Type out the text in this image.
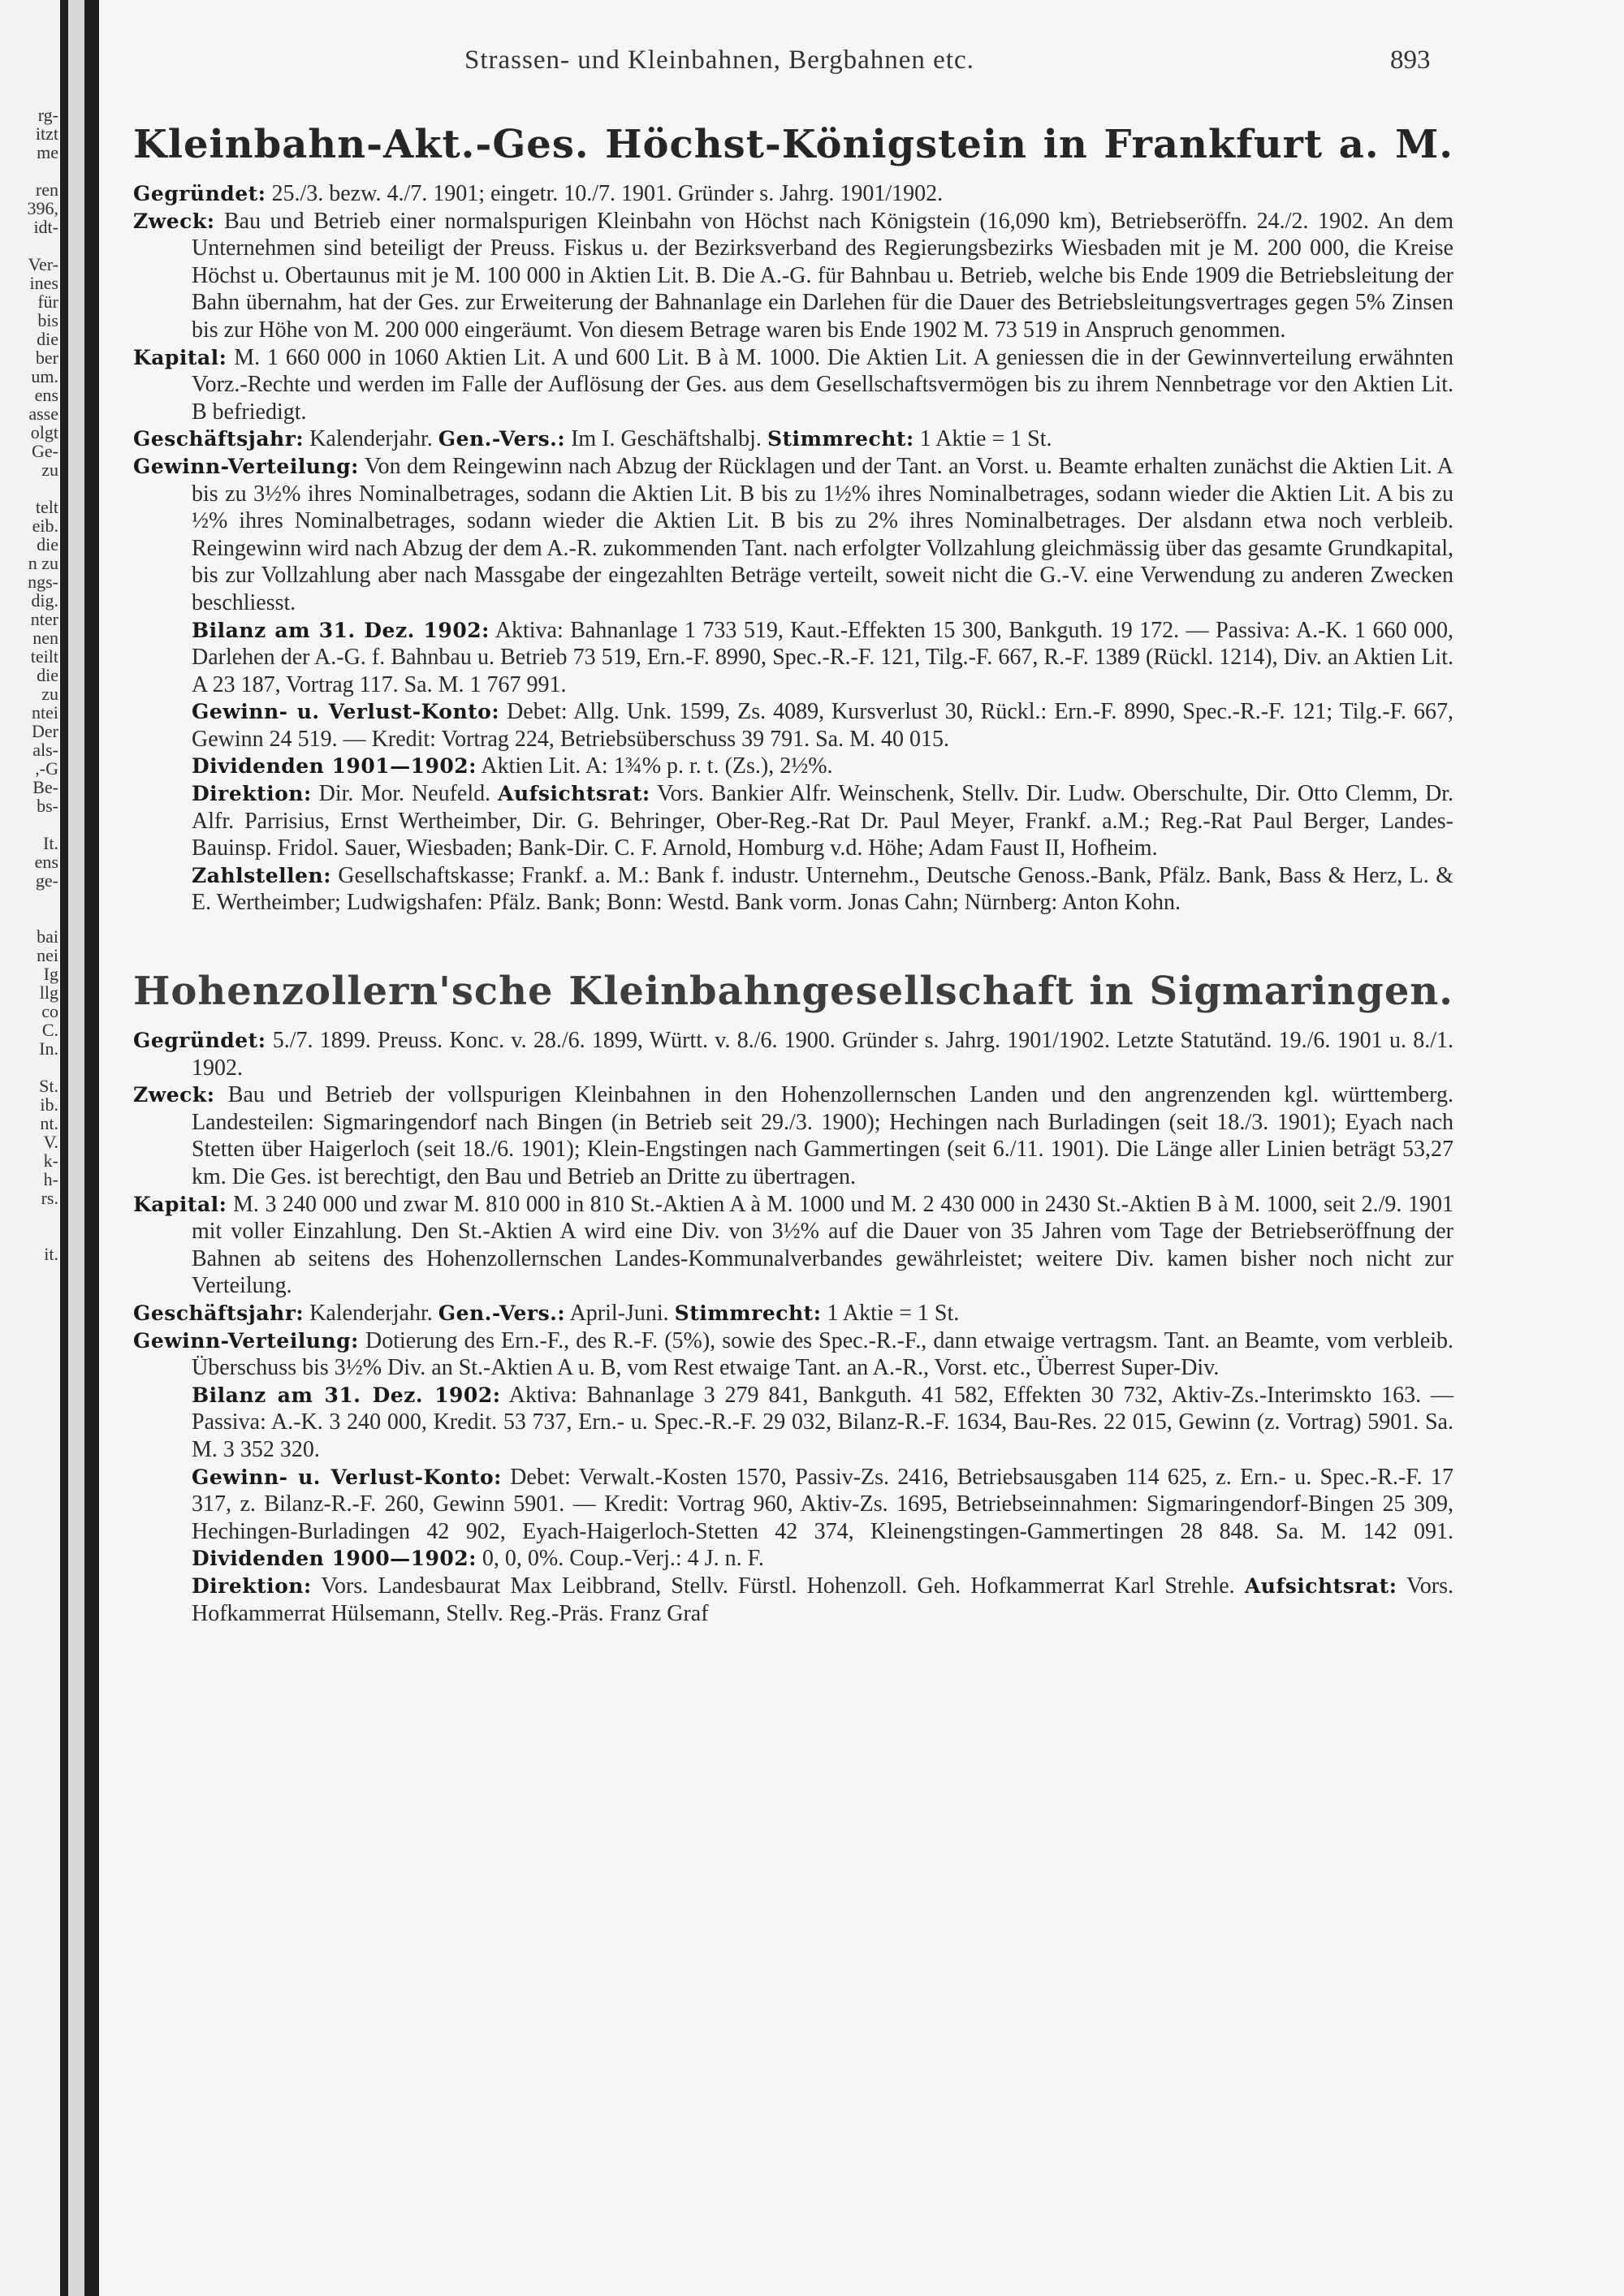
rg-
itzt
me

ren
396,
idt-

Ver-
ines
für
bis
die
ber
um.
ens
asse
olgt
Ge-
zu

telt
eib.
die
n zu
ngs-
dig.
nter
nen
teilt
die
zu
ntei
Der
als-
,-G
Be-
bs-

It.
ens
ge-

bai
nei
Ig
llg
co
C.
In.

St.
ib.
nt.
V.
k-
h-
rs.

it.
Strassen- und Kleinbahnen, Bergbahnen etc.	893
Kleinbahn-Akt.-Ges. Höchst-Königstein in Frankfurt a. M.

Gegründet: 25./3. bezw. 4./7. 1901; eingetr. 10./7. 1901. Gründer s. Jahrg. 1901/1902.

Zweck: Bau und Betrieb einer normalspurigen Kleinbahn von Höchst nach Königstein (16,090 km), Betriebseröffn. 24./2. 1902. An dem Unternehmen sind beteiligt der Preuss. Fiskus u. der Bezirksverband des Regierungsbezirks Wiesbaden mit je M. 200 000, die Kreise Höchst u. Obertaunus mit je M. 100 000 in Aktien Lit. B. Die A.-G. für Bahnbau u. Betrieb, welche bis Ende 1909 die Betriebsleitung der Bahn übernahm, hat der Ges. zur Erweiterung der Bahnanlage ein Darlehen für die Dauer des Betriebsleitungsvertrages gegen 5% Zinsen bis zur Höhe von M. 200 000 eingeräumt. Von diesem Betrage waren bis Ende 1902 M. 73 519 in Anspruch genommen.

Kapital: M. 1 660 000 in 1060 Aktien Lit. A und 600 Lit. B à M. 1000. Die Aktien Lit. A geniessen die in der Gewinnverteilung erwähnten Vorz.-Rechte und werden im Falle der Auflösung der Ges. aus dem Gesellschaftsvermögen bis zu ihrem Nennbetrage vor den Aktien Lit. B befriedigt.

Geschäftsjahr: Kalenderjahr. Gen.-Vers.: Im I. Geschäftshalbj. Stimmrecht: 1 Aktie = 1 St.

Gewinn-Verteilung: Von dem Reingewinn nach Abzug der Rücklagen und der Tant. an Vorst. u. Beamte erhalten zunächst die Aktien Lit. A bis zu 3½% ihres Nominalbetrages, sodann die Aktien Lit. B bis zu 1½% ihres Nominalbetrages, sodann wieder die Aktien Lit. A bis zu ½% ihres Nominalbetrages, sodann wieder die Aktien Lit. B bis zu 2% ihres Nominalbetrages. Der alsdann etwa noch verbleib. Reingewinn wird nach Abzug der dem A.-R. zukommenden Tant. nach erfolgter Vollzahlung gleichmässig über das gesamte Grundkapital, bis zur Vollzahlung aber nach Massgabe der eingezahlten Beträge verteilt, soweit nicht die G.-V. eine Verwendung zu anderen Zwecken beschliesst.

Bilanz am 31. Dez. 1902: Aktiva: Bahnanlage 1 733 519, Kaut.-Effekten 15 300, Bankguth. 19 172. — Passiva: A.-K. 1 660 000, Darlehen der A.-G. f. Bahnbau u. Betrieb 73 519, Ern.-F. 8990, Spec.-R.-F. 121, Tilg.-F. 667, R.-F. 1389 (Rückl. 1214), Div. an Aktien Lit. A 23 187, Vortrag 117. Sa. M. 1 767 991.

Gewinn- u. Verlust-Konto: Debet: Allg. Unk. 1599, Zs. 4089, Kursverlust 30, Rückl.: Ern.-F. 8990, Spec.-R.-F. 121; Tilg.-F. 667, Gewinn 24 519. — Kredit: Vortrag 224, Betriebsüberschuss 39 791. Sa. M. 40 015.

Dividenden 1901—1902: Aktien Lit. A: 1¾% p. r. t. (Zs.), 2½%.

Direktion: Dir. Mor. Neufeld. Aufsichtsrat: Vors. Bankier Alfr. Weinschenk, Stellv. Dir. Ludw. Oberschulte, Dir. Otto Clemm, Dr. Alfr. Parrisius, Ernst Wertheimber, Dir. G. Behringer, Ober-Reg.-Rat Dr. Paul Meyer, Frankf. a.M.; Reg.-Rat Paul Berger, Landes-Bauinsp. Fridol. Sauer, Wiesbaden; Bank-Dir. C. F. Arnold, Homburg v.d. Höhe; Adam Faust II, Hofheim.

Zahlstellen: Gesellschaftskasse; Frankf. a. M.: Bank f. industr. Unternehm., Deutsche Genoss.-Bank, Pfälz. Bank, Bass & Herz, L. & E. Wertheimber; Ludwigshafen: Pfälz. Bank; Bonn: Westd. Bank vorm. Jonas Cahn; Nürnberg: Anton Kohn.

Hohenzollern'sche Kleinbahngesellschaft in Sigmaringen.

Gegründet: 5./7. 1899. Preuss. Konc. v. 28./6. 1899, Württ. v. 8./6. 1900. Gründer s. Jahrg. 1901/1902. Letzte Statutänd. 19./6. 1901 u. 8./1. 1902.

Zweck: Bau und Betrieb der vollspurigen Kleinbahnen in den Hohenzollernschen Landen und den angrenzenden kgl. württemberg. Landesteilen: Sigmaringendorf nach Bingen (in Betrieb seit 29./3. 1900); Hechingen nach Burladingen (seit 18./3. 1901); Eyach nach Stetten über Haigerloch (seit 18./6. 1901); Klein-Engstingen nach Gammertingen (seit 6./11. 1901). Die Länge aller Linien beträgt 53,27 km. Die Ges. ist berechtigt, den Bau und Betrieb an Dritte zu übertragen.

Kapital: M. 3 240 000 und zwar M. 810 000 in 810 St.-Aktien A à M. 1000 und M. 2 430 000 in 2430 St.-Aktien B à M. 1000, seit 2./9. 1901 mit voller Einzahlung. Den St.-Aktien A wird eine Div. von 3½% auf die Dauer von 35 Jahren vom Tage der Betriebseröffnung der Bahnen ab seitens des Hohenzollernschen Landes-Kommunalverbandes gewährleistet; weitere Div. kamen bisher noch nicht zur Verteilung.

Geschäftsjahr: Kalenderjahr. Gen.-Vers.: April-Juni. Stimmrecht: 1 Aktie = 1 St.

Gewinn-Verteilung: Dotierung des Ern.-F., des R.-F. (5%), sowie des Spec.-R.-F., dann etwaige vertragsm. Tant. an Beamte, vom verbleib. Überschuss bis 3½% Div. an St.-Aktien A u. B, vom Rest etwaige Tant. an A.-R., Vorst. etc., Überrest Super-Div.

Bilanz am 31. Dez. 1902: Aktiva: Bahnanlage 3 279 841, Bankguth. 41 582, Effekten 30 732, Aktiv-Zs.-Interimskto 163. — Passiva: A.-K. 3 240 000, Kredit. 53 737, Ern.- u. Spec.-R.-F. 29 032, Bilanz-R.-F. 1634, Bau-Res. 22 015, Gewinn (z. Vortrag) 5901. Sa. M. 3 352 320.

Gewinn- u. Verlust-Konto: Debet: Verwalt.-Kosten 1570, Passiv-Zs. 2416, Betriebsausgaben 114 625, z. Ern.- u. Spec.-R.-F. 17 317, z. Bilanz-R.-F. 260, Gewinn 5901. — Kredit: Vortrag 960, Aktiv-Zs. 1695, Betriebseinnahmen: Sigmaringendorf-Bingen 25 309, Hechingen-Burladingen 42 902, Eyach-Haigerloch-Stetten 42 374, Kleinengstingen-Gammertingen 28 848. Sa. M. 142 091. Dividenden 1900—1902: 0, 0, 0%. Coup.-Verj.: 4 J. n. F.

Direktion: Vors. Landesbaurat Max Leibbrand, Stellv. Fürstl. Hohenzoll. Geh. Hofkammerrat Karl Strehle. Aufsichtsrat: Vors. Hofkammerrat Hülsemann, Stellv. Reg.-Präs. Franz Graf
